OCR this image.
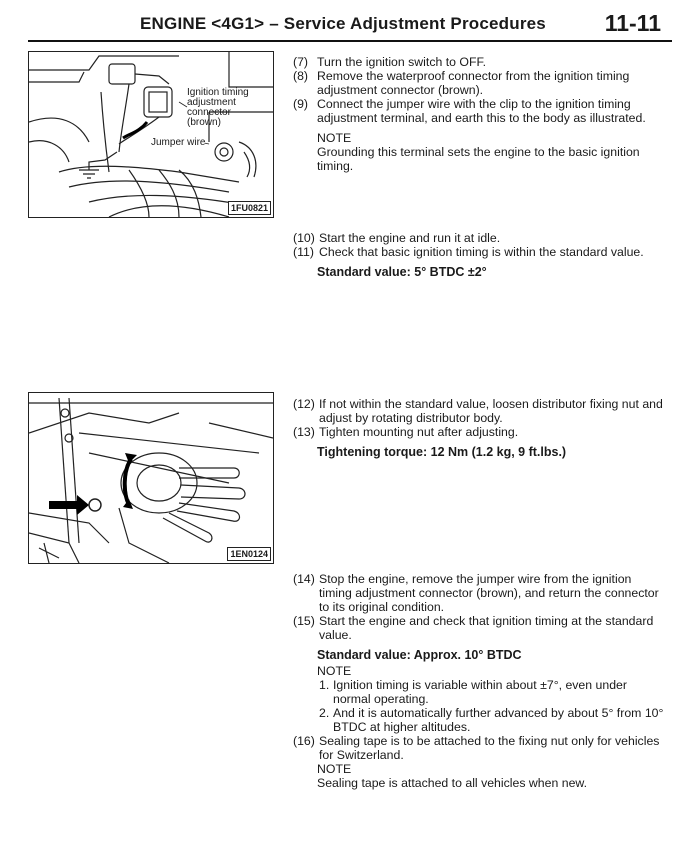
ENGINE <4G1> – Service Adjustment Procedures	11-11
Ignition timing
adjustment
connector
(brown)
Jumper wire
1FU0821
1EN0124

(7) Turn the ignition switch to OFF.

(8) Remove the waterproof connector from the ignition timing adjustment connector (brown).

(9) Connect the jumper wire with the clip to the ignition timing adjustment terminal, and earth this to the body as illustrated.

NOTE

Grounding this terminal sets the engine to the basic ignition timing.

(10) Start the engine and run it at idle.

(11) Check that basic ignition timing is within the standard value.

Standard value: 5° BTDC ±2°

(12) If not within the standard value, loosen distributor fixing nut and adjust by rotating distributor body.

(13) Tighten mounting nut after adjusting.

Tightening torque: 12 Nm (1.2 kg, 9 ft.lbs.)

(14) Stop the engine, remove the jumper wire from the ignition timing adjustment connector (brown), and return the connector to its original condition.

(15) Start the engine and check that ignition timing at the standard value.

Standard value: Approx. 10° BTDC

NOTE

1. Ignition timing is variable within about ±7°, even under normal operating.

2. And it is automatically further advanced by about 5° from 10° BTDC at higher altitudes.

(16) Sealing tape is to be attached to the fixing nut only for vehicles for Switzerland.

NOTE

Sealing tape is attached to all vehicles when new.
